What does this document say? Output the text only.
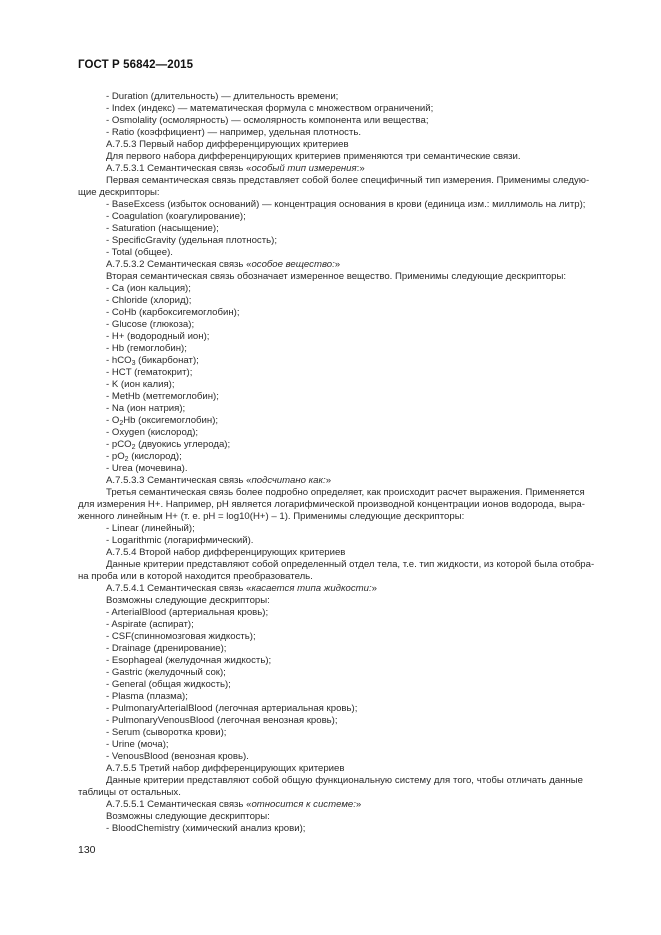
ГОСТ Р 56842—2015
- Duration (длительность) — длительность времени;
- Index (индекс) — математическая формула с множеством ограничений;
- Osmolality (осмолярность) — осмолярность компонента или вещества;
- Ratio (коэффициент) — например, удельная плотность.
А.7.5.3 Первый набор дифференцирующих критериев
Для первого набора дифференцирующих критериев применяются три семантические связи.
А.7.5.3.1 Семантическая связь «особый тип измерения:»
Первая семантическая связь представляет собой более специфичный тип измерения. Применимы следую-
щие дескрипторы:
- BaseExcess (избыток оснований) — концентрация основания в крови (единица изм.: миллимоль на литр);
- Coagulation (коагулирование);
- Saturation (насыщение);
- SpecificGravity (удельная плотность);
- Total (общее).
А.7.5.3.2 Семантическая связь «особое вещество:»
Вторая семантическая связь обозначает измеренное вещество. Применимы следующие дескрипторы:
- Ca (ион кальция);
- Chloride (хлорид);
- CoHb (карбоксигемоглобин);
- Glucose (глюкоза);
- H+ (водородный ион);
- Hb (гемоглобин);
- hCO$_3$ (бикарбонат);
- HCT (гематокрит);
- K (ион калия);
- MetHb (метгемоглобин);
- Na (ион натрия);
- $O_2Hb$ (оксигемоглобин);
- Oxygen (кислород);
- pCO$_2$ (двуокись углерода);
- $pO_2$ (кислород);
- Urea (мочевина).
А.7.5.3.3 Семантическая связь «подсчитано как:»
Третья семантическая связь более подробно определяет, как происходит расчет выражения. Применяется
для измерения H+. Например, pH является логарифмической производной концентрации ионов водорода, выра-
женного линейным H+ (т. е. pH = log10(H+) – 1). Применимы следующие дескрипторы:
- Linear (линейный);
- Logarithmic (логарифмический).
А.7.5.4 Второй набор дифференцирующих критериев
Данные критерии представляют собой определенный отдел тела, т.е. тип жидкости, из которой была отобра-
на проба или в которой находится преобразователь.
А.7.5.4.1 Семантическая связь «касается типа жидкости:»
Возможны следующие дескрипторы:
- ArterialBlood (артериальная кровь);
- Aspirate (аспират);
- CSF(спинномозговая жидкость);
- Drainage (дренирование);
- Esophageal (желудочная жидкость);
- Gastric (желудочный сок);
- General (общая жидкость);
- Plasma (плазма);
- PulmonaryArterialBlood (легочная артериальная кровь);
- PulmonaryVenousBlood (легочная венозная кровь);
- Serum (сыворотка крови);
- Urine (моча);
- VenousBlood (венозная кровь).
А.7.5.5 Третий набор дифференцирующих критериев
Данные критерии представляют собой общую функциональную систему для того, чтобы отличать данные
таблицы от остальных.
А.7.5.5.1 Семантическая связь «относится к системе:»
Возможны следующие дескрипторы:
- BloodChemistry (химический анализ крови);
130
